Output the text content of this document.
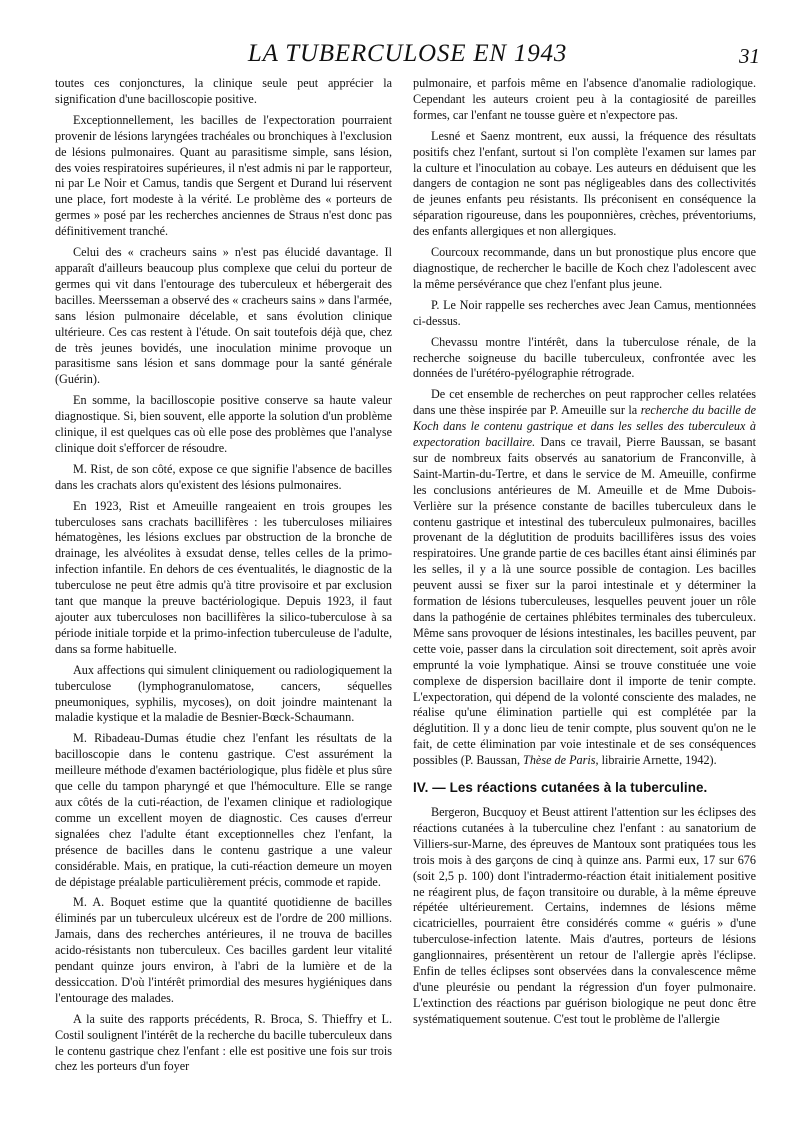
LA TUBERCULOSE EN 1943	31

toutes ces conjonctures, la clinique seule peut apprécier la signification d'une bacilloscopie positive.

Exceptionnellement, les bacilles de l'expectoration pourraient provenir de lésions laryngées trachéales ou bronchiques à l'exclusion de lésions pulmonaires. Quant au parasitisme simple, sans lésion, des voies respiratoires supérieures, il n'est admis ni par le rapporteur, ni par Le Noir et Camus, tandis que Sergent et Durand lui réservent une place, fort modeste à la vérité. Le problème des « porteurs de germes » posé par les recherches anciennes de Straus n'est donc pas définitivement tranché.

Celui des « cracheurs sains » n'est pas élucidé davantage. Il apparaît d'ailleurs beaucoup plus complexe que celui du porteur de germes qui vit dans l'entourage des tuberculeux et hébergerait des bacilles. Meersseman a observé des « cracheurs sains » dans l'armée, sans lésion pulmonaire décelable, et sans évolution clinique ultérieure. Ces cas restent à l'étude. On sait toutefois déjà que, chez de très jeunes bovidés, une inoculation minime provoque un parasitisme sans lésion et sans dommage pour la santé générale (Guérin).

En somme, la bacilloscopie positive conserve sa haute valeur diagnostique. Si, bien souvent, elle apporte la solution d'un problème clinique, il est quelques cas où elle pose des problèmes que l'analyse clinique doit s'efforcer de résoudre.

M. Rist, de son côté, expose ce que signifie l'absence de bacilles dans les crachats alors qu'existent des lésions pulmonaires.

En 1923, Rist et Ameuille rangeaient en trois groupes les tuberculoses sans crachats bacillifères : les tuberculoses miliaires hématogènes, les lésions exclues par obstruction de la bronche de drainage, les alvéolites à exsudat dense, telles celles de la primo-infection infantile. En dehors de ces éventualités, le diagnostic de la tuberculose ne peut être admis qu'à titre provisoire et par exclusion tant que manque la preuve bactériologique. Depuis 1923, il faut ajouter aux tuberculoses non bacillifères la silico-tuberculose à sa période initiale torpide et la primo-infection tuberculeuse de l'adulte, dans sa forme habituelle.

Aux affections qui simulent cliniquement ou radiologiquement la tuberculose (lymphogranulomatose, cancers, séquelles pneumoniques, syphilis, mycoses), on doit joindre maintenant la maladie kystique et la maladie de Besnier-Bœck-Schaumann.

M. Ribadeau-Dumas étudie chez l'enfant les résultats de la bacilloscopie dans le contenu gastrique. C'est assurément la meilleure méthode d'examen bactériologique, plus fidèle et plus sûre que celle du tampon pharyngé et que l'hémoculture. Elle se range aux côtés de la cuti-réaction, de l'examen clinique et radiologique comme un excellent moyen de diagnostic. Ces causes d'erreur signalées chez l'adulte étant exceptionnelles chez l'enfant, la présence de bacilles dans le contenu gastrique a une valeur considérable. Mais, en pratique, la cuti-réaction demeure un moyen de dépistage préalable particulièrement précis, commode et rapide.

M. A. Boquet estime que la quantité quotidienne de bacilles éliminés par un tuberculeux ulcéreux est de l'ordre de 200 millions. Jamais, dans des recherches antérieures, il ne trouva de bacilles acido-résistants non tuberculeux. Ces bacilles gardent leur vitalité pendant quinze jours environ, à l'abri de la lumière et de la dessiccation. D'où l'intérêt primordial des mesures hygiéniques dans l'entourage des malades.

A la suite des rapports précédents, R. Broca, S. Thieffry et L. Costil soulignent l'intérêt de la recherche du bacille tuberculeux dans le contenu gastrique chez l'enfant : elle est positive une fois sur trois chez les porteurs d'un foyer

pulmonaire, et parfois même en l'absence d'anomalie radiologique. Cependant les auteurs croient peu à la contagiosité de pareilles formes, car l'enfant ne tousse guère et n'expectore pas.

Lesné et Saenz montrent, eux aussi, la fréquence des résultats positifs chez l'enfant, surtout si l'on complète l'examen sur lames par la culture et l'inoculation au cobaye. Les auteurs en déduisent que les dangers de contagion ne sont pas négligeables dans des collectivités de jeunes enfants peu résistants. Ils préconisent en conséquence la séparation rigoureuse, dans les pouponnières, crèches, préventoriums, des enfants allergiques et non allergiques.

Courcoux recommande, dans un but pronostique plus encore que diagnostique, de rechercher le bacille de Koch chez l'adolescent avec la même persévérance que chez l'enfant plus jeune.

P. Le Noir rappelle ses recherches avec Jean Camus, mentionnées ci-dessus.

Chevassu montre l'intérêt, dans la tuberculose rénale, de la recherche soigneuse du bacille tuberculeux, confrontée avec les données de l'urétéro-pyélographie rétrograde.

De cet ensemble de recherches on peut rapprocher celles relatées dans une thèse inspirée par P. Ameuille sur la recherche du bacille de Koch dans le contenu gastrique et dans les selles des tuberculeux à expectoration bacillaire. Dans ce travail, Pierre Baussan, se basant sur de nombreux faits observés au sanatorium de Franconville, à Saint-Martin-du-Tertre, et dans le service de M. Ameuille, confirme les conclusions antérieures de M. Ameuille et de Mme Dubois-Verlière sur la présence constante de bacilles tuberculeux dans le contenu gastrique et intestinal des tuberculeux pulmonaires, bacilles provenant de la déglutition de produits bacillifères issus des voies respiratoires. Une grande partie de ces bacilles étant ainsi éliminés par les selles, il y a là une source possible de contagion. Les bacilles peuvent aussi se fixer sur la paroi intestinale et y déterminer la formation de lésions tuberculeuses, lesquelles peuvent jouer un rôle dans la pathogénie de certaines phlébites terminales des tuberculeux. Même sans provoquer de lésions intestinales, les bacilles peuvent, par cette voie, passer dans la circulation soit directement, soit après avoir emprunté la voie lymphatique. Ainsi se trouve constituée une voie complexe de dispersion bacillaire dont il importe de tenir compte. L'expectoration, qui dépend de la volonté consciente des malades, ne réalise qu'une élimination partielle qui est complétée par la déglutition. Il y a donc lieu de tenir compte, plus souvent qu'on ne le fait, de cette élimination par voie intestinale et de ses conséquences possibles (P. Baussan, Thèse de Paris, librairie Arnette, 1942).

IV. — Les réactions cutanées à la tuberculine.

Bergeron, Bucquoy et Beust attirent l'attention sur les éclipses des réactions cutanées à la tuberculine chez l'enfant : au sanatorium de Villiers-sur-Marne, des épreuves de Mantoux sont pratiquées tous les trois mois à des garçons de cinq à quinze ans. Parmi eux, 17 sur 676 (soit 2,5 p. 100) dont l'intradermo-réaction était initialement positive ne réagirent plus, de façon transitoire ou durable, à la même épreuve répétée ultérieurement. Certains, indemnes de lésions même cicatricielles, pourraient être considérés comme « guéris » d'une tuberculose-infection latente. Mais d'autres, porteurs de lésions ganglionnaires, présentèrent un retour de l'allergie après l'éclipse. Enfin de telles éclipses sont observées dans la convalescence même d'une pleurésie ou pendant la régression d'un foyer pulmonaire. L'extinction des réactions par guérison biologique ne peut donc être systématiquement soutenue. C'est tout le problème de l'allergie
